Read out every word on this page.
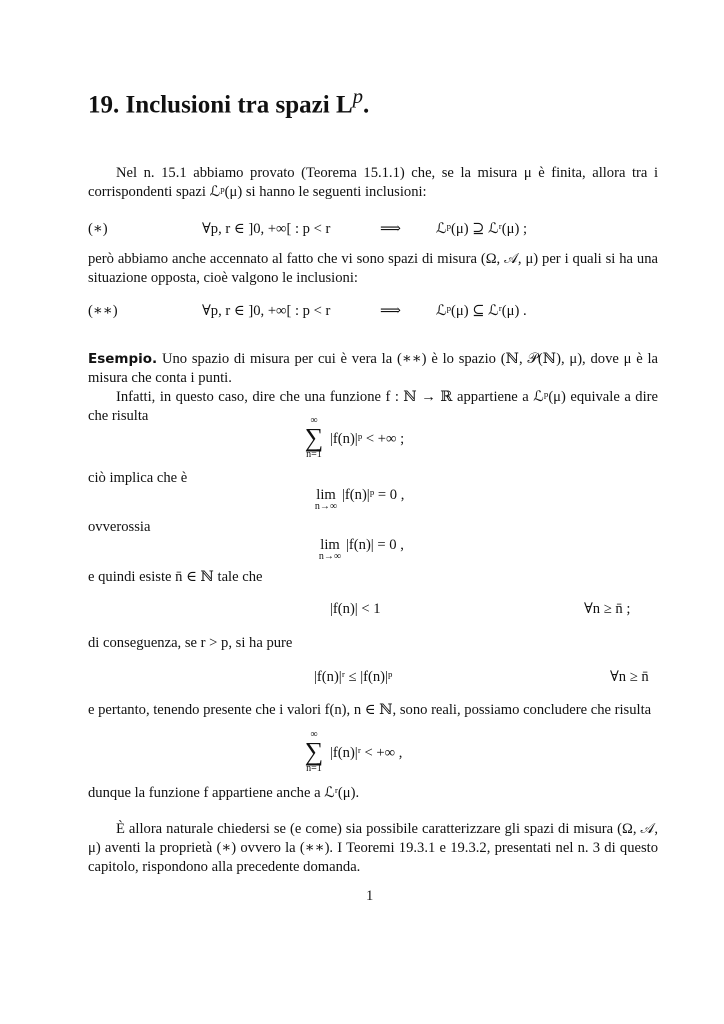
19. Inclusioni tra spazi $L^p$.
Nel n. 15.1 abbiamo provato (Teorema 15.1.1) che, se la misura μ è finita, allora tra i corrispondenti spazi ℒᵖ(μ) si hanno le seguenti inclusioni:
(∗)	∀p, r ∈ ]0, +∞[ : p < r	⟹ ℒᵖ(μ) ⊇ ℒʳ(μ) ;
però abbiamo anche accennato al fatto che vi sono spazi di misura (Ω, 𝒜, μ) per i quali si ha una situazione opposta, cioè valgono le inclusioni:
(∗∗)	∀p, r ∈ ]0, +∞[ : p < r	⟹ ℒᵖ(μ) ⊆ ℒʳ(μ) .
Esempio. Uno spazio di misura per cui è vera la (∗∗) è lo spazio (ℕ, 𝒫(ℕ), μ), dove μ è la misura che conta i punti.
Infatti, in questo caso, dire che una funzione f : ℕ → ℝ appartiene a ℒᵖ(μ) equivale a dire che risulta	∞
∑
n=1
|f(n)|ᵖ < +∞ ;
ciò implica che è
lim
n→∞
|f(n)|ᵖ = 0 ,
ovverossia
lim
n→∞
|f(n)| = 0 ,
e quindi esiste n̄ ∈ ℕ tale che
|f(n)| < 1	∀n ≥ n̄ ;
di conseguenza, se r > p, si ha pure
|f(n)|ʳ ≤ |f(n)|ᵖ	∀n ≥ n̄
e pertanto, tenendo presente che i valori f(n), n ∈ ℕ, sono reali, possiamo concludere che risulta
∞
∑
n=1
|f(n)|ʳ < +∞ ,
dunque la funzione f appartiene anche a ℒʳ(μ).
È allora naturale chiedersi se (e come) sia possibile caratterizzare gli spazi di misura (Ω, 𝒜, μ) aventi la proprietà (∗) ovvero la (∗∗). I Teoremi 19.3.1 e 19.3.2, presentati nel n. 3 di questo capitolo, rispondono alla precedente domanda.
1
